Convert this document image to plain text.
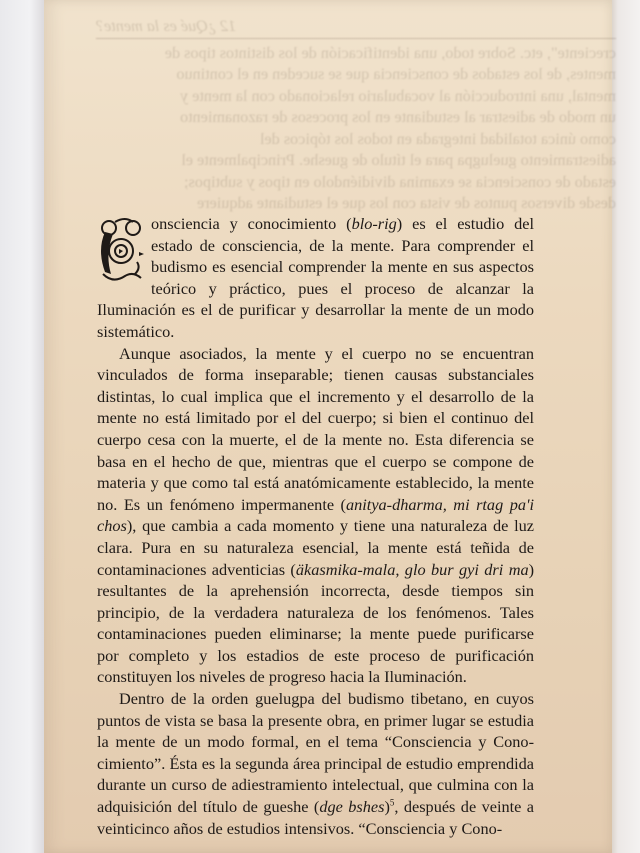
12 ¿Qué es la mente?
creciente", etc. Sobre todo, una identificación de los distintos tipos de
mentes, de los estados de consciencia que se suceden en el continuo
mental, una introducción al vocabulario relacionado con la mente y
un modo de adiestrar al estudiante en los procesos de razonamiento
como única totalidad integrada en todos los tópicos del
adiestramiento guelugpa para el título de gueshe. Principalmente el
estado de consciencia se examina dividiéndolo en tipos y subtipos;
desde diversos puntos de vista con los que el estudiante adquiere

onsciencia y conocimiento (blo-rig) es el estudio del estado de consciencia, de la mente. Para comprender el budismo es esencial comprender la mente en sus aspectos teórico y práctico, pues el proceso de alcanzar la Iluminación es el de purificar y desarrollar la mente de un modo sistemático.

Aunque asociados, la mente y el cuerpo no se encuentran vinculados de forma inseparable; tienen causas substanciales distintas, lo cual implica que el incremento y el desarrollo de la mente no está limitado por el del cuerpo; si bien el continuo del cuerpo cesa con la muerte, el de la mente no. Esta diferencia se basa en el hecho de que, mientras que el cuerpo se compone de materia y que como tal está anatómicamente establecido, la mente no. Es un fenómeno impermanente (anitya-dharma, mi rtag pa'i chos), que cambia a cada momento y tiene una naturaleza de luz clara. Pura en su naturaleza esencial, la mente está teñida de contaminaciones adventicias (äkasmika-mala, glo bur gyi dri ma) resultantes de la aprehensión incorrecta, desde tiempos sin principio, de la verdadera naturaleza de los fenómenos. Tales contaminaciones pueden eliminarse; la mente puede purificarse por completo y los estadios de este proceso de purificación constituyen los niveles de progreso hacia la Iluminación.

Dentro de la orden guelugpa del budismo tibetano, en cuyos puntos de vista se basa la presente obra, en primer lugar se estudia la mente de un modo formal, en el tema “Consciencia y Conocimiento”. Ésta es la segunda área principal de estudio emprendida durante un curso de adiestramiento intelectual, que culmina con la adquisición del título de gueshe (dge bshes)$^5$, después de veinte a veinticinco años de estudios intensivos. “Consciencia y Cono-
